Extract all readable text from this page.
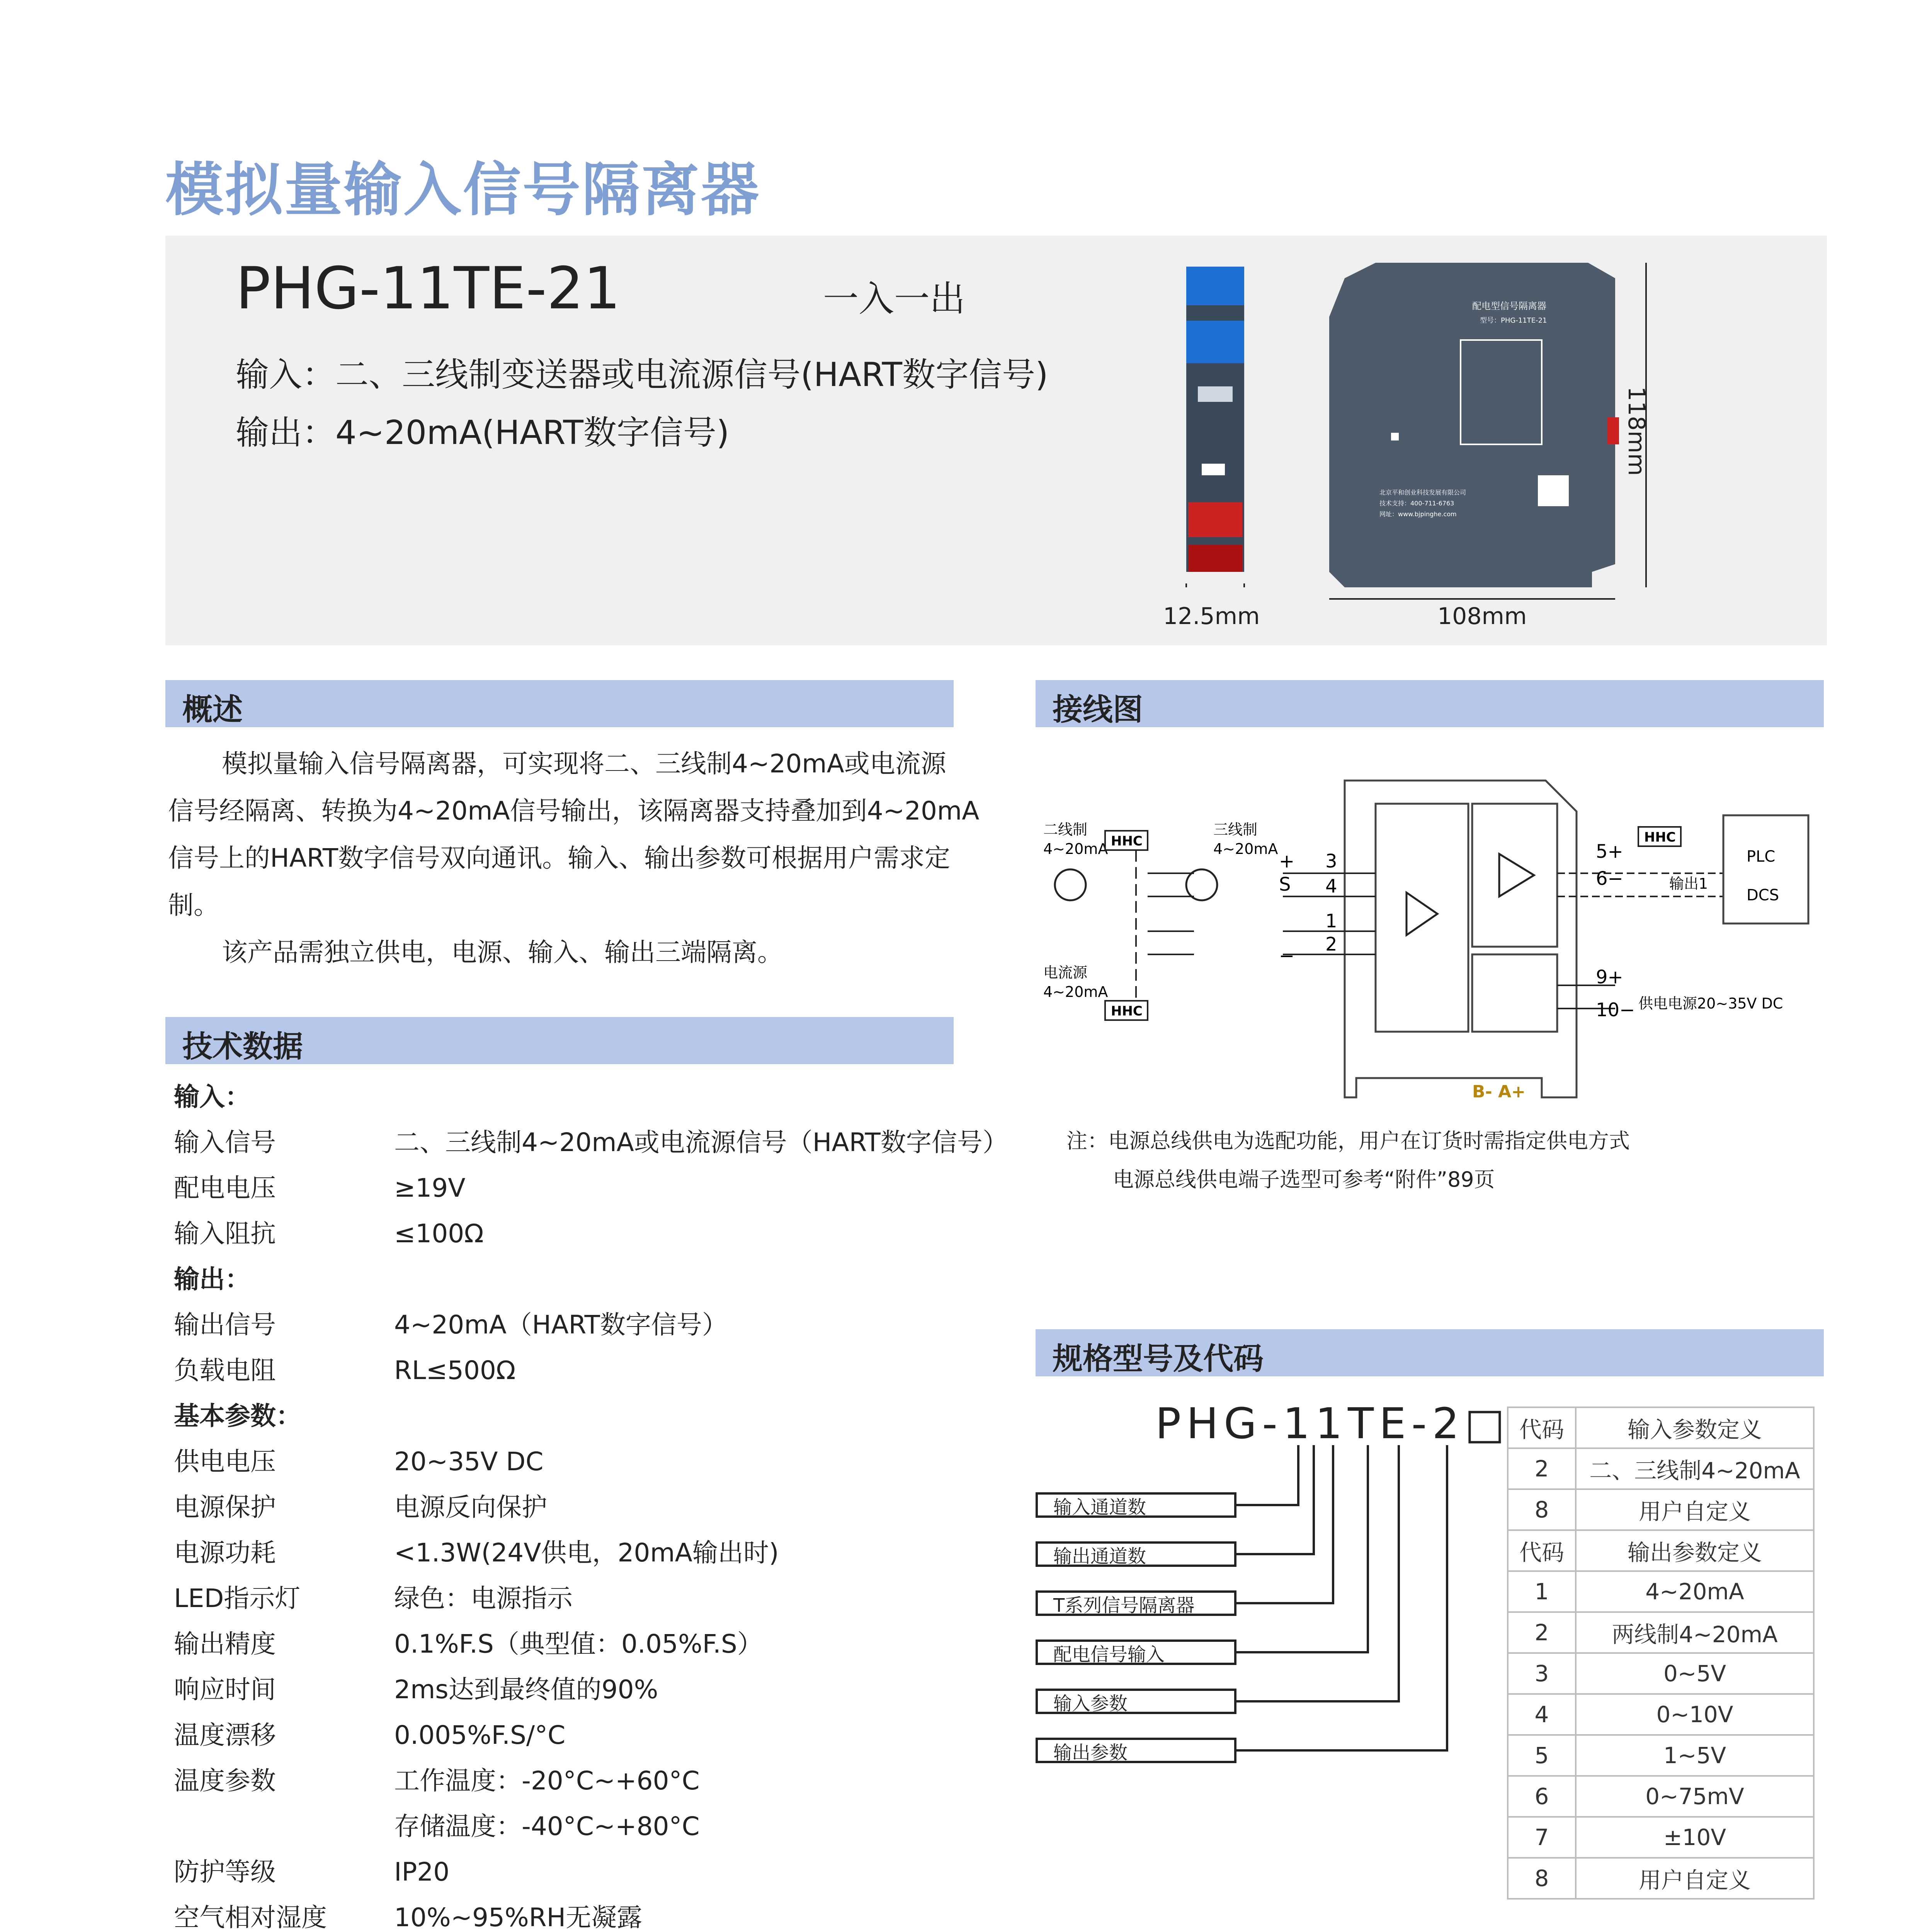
模拟量输入信号隔离器
PHG-11TE-21	一入一出
输入：二、三线制变送器或电流源信号(HART数字信号)
输出：4~20mA(HART数字信号)
12.5mm
配电型信号隔离器
型号：PHG-11TE-21
北京平和创业科技发展有限公司
技术支持：400-711-6763
网址：www.bjpinghe.com
108mm
118mm
概述
模拟量输入信号隔离器，可实现将二、三线制4~20mA或电流源
信号经隔离、转换为4~20mA信号输出，该隔离器支持叠加到4~20mA
信号上的HART数字信号双向通讯。输入、输出参数可根据用户需求定
制。
该产品需独立供电，电源、输入、输出三端隔离。
技术数据
输入：
输入信号	二、三线制4~20mA或电流源信号（HART数字信号）
配电电压	≥19V
输入阻抗	≤100Ω
输出：
输出信号	4~20mA（HART数字信号）
负载电阻	RL≤500Ω
基本参数：
供电电压	20~35V DC
电源保护	电源反向保护
电源功耗	<1.3W(24V供电，20mA输出时)
LED指示灯	绿色：电源指示
输出精度	0.1%F.S（典型值：0.05%F.S）
响应时间	2ms达到最终值的90%
温度漂移	0.005%F.S/°C
温度参数	工作温度：-20°C~+60°C
存储温度：-40°C~+80°C
防护等级	IP20
空气相对湿度	10%~95%RH无凝露
接线图
3
4
1
2
+
S
−
5+
6−
9+
10−
PLC
DCS
输出1
HHC
供电电源20~35V DC
B- A+
二线制
4~20mA
三线制
4~20mA
电流源
4~20mA
HHC
HHC
注：电源总线供电为选配功能，用户在订货时需指定供电方式
电源总线供电端子选型可参考“附件”89页
规格型号及代码
PHG-11TE-2□
输入通道数
输出通道数
T系列信号隔离器
配电信号输入
输入参数
输出参数
代码	输入参数定义
2	二、三线制4~20mA
8	用户自定义
代码	输出参数定义
1	4~20mA
2	两线制4~20mA
3	0~5V
4	0~10V
5	1~5V
6	0~75mV
7	±10V
8	用户自定义
